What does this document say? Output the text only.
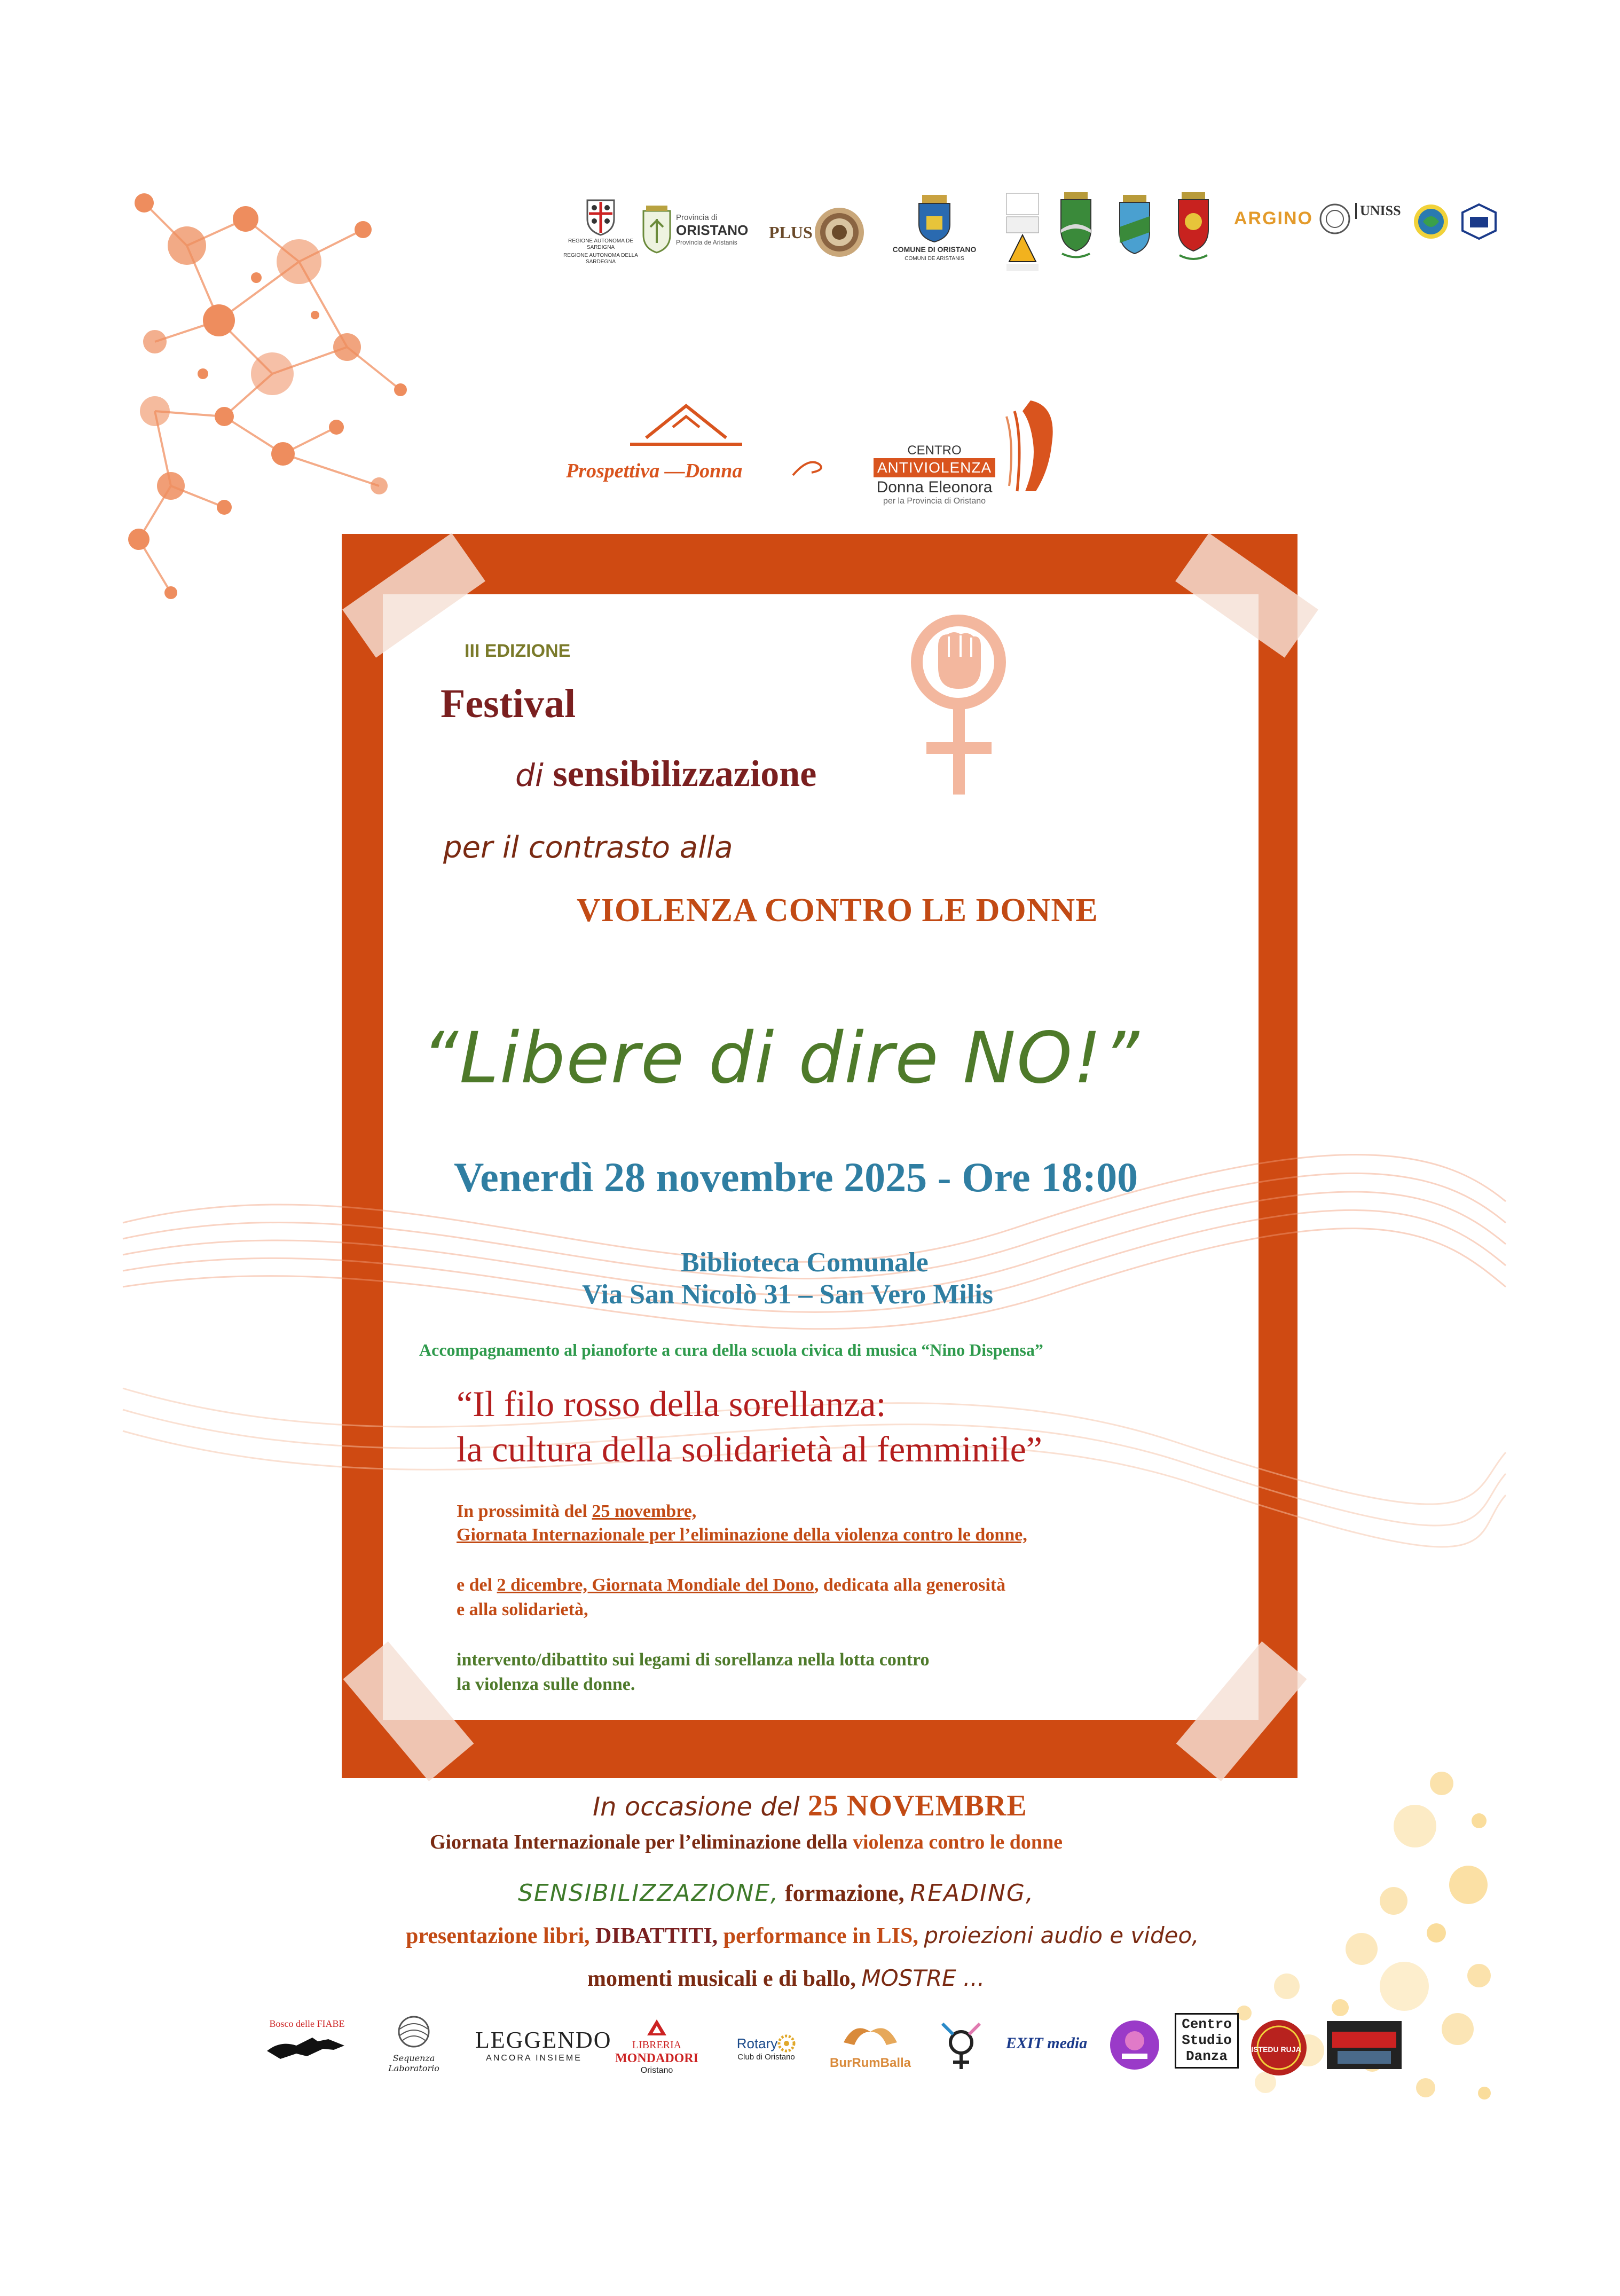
REGIONE AUTONOMA DE SARDIGNA
REGIONE AUTONOMA DELLA SARDEGNA
Provincia di
ORISTANO
Provincia de Aristanis
PLUS
COMUNE DI ORISTANO
COMUNI DE ARISTANIS
ARGINO	UNISS
Prospettiva —Donna
CENTRO
ANTIVIOLENZA
Donna Eleonora
per la Provincia di Oristano
III EDIZIONE
Festival
di sensibilizzazione
per il contrasto alla
VIOLENZA CONTRO LE DONNE
“Libere di dire NO!”
Venerdì 28 novembre 2025 - Ore 18:00
Biblioteca Comunale
Via San Nicolò 31 – San Vero Milis
Accompagnamento al pianoforte a cura della scuola civica di musica “Nino Dispensa”
“Il filo rosso della sorellanza:
la cultura della solidarietà al femminile”
In prossimità del 25 novembre,
Giornata Internazionale per l’eliminazione della violenza contro le donne,
e del 2 dicembre, Giornata Mondiale del Dono, dedicata alla generosità
e alla solidarietà,
intervento/dibattito sui legami di sorellanza nella lotta contro
la violenza sulle donne.
In occasione del 25 NOVEMBRE
Giornata Internazionale per l’eliminazione della violenza contro le donne
SENSIBILIZZAZIONE, formazione, READING,
presentazione libri, DIBATTITI, performance in LIS, proiezioni audio e video,
momenti musicali e di ballo, MOSTRE ...
Bosco delle FIABE
Sequenza Laboratorio
LEGGENDO
ANCORA INSIEME
LIBRERIA
MONDADORI
Oristano
Rotary
Club di Oristano	BurRumBalla
EXIT media
Centro
Studio
Danza	ISTEDU RUJA
